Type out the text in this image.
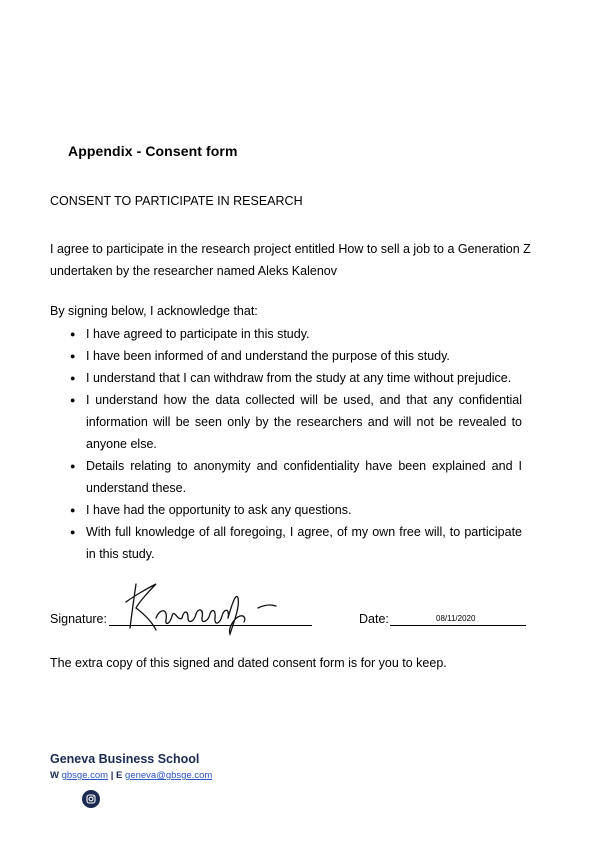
Appendix - Consent form
CONSENT TO PARTICIPATE IN RESEARCH
I agree to participate in the research project entitled How to sell a job to a Generation Z undertaken by the researcher named Aleks Kalenov
By signing below, I acknowledge that:
● I have agreed to participate in this study.
● I have been informed of and understand the purpose of this study.
● I understand that I can withdraw from the study at any time without prejudice.
● I understand how the data collected will be used, and that any confidential information will be seen only by the researchers and will not be revealed to anyone else.
● Details relating to anonymity and confidentiality have been explained and I understand these.
● I have had the opportunity to ask any questions.
● With full knowledge of all foregoing, I agree, of my own free will, to participate in this study.
Signature:	Date:	08/11/2020
The extra copy of this signed and dated consent form is for you to keep.
Geneva Business School
W gbsge.com | E geneva@gbsge.com
